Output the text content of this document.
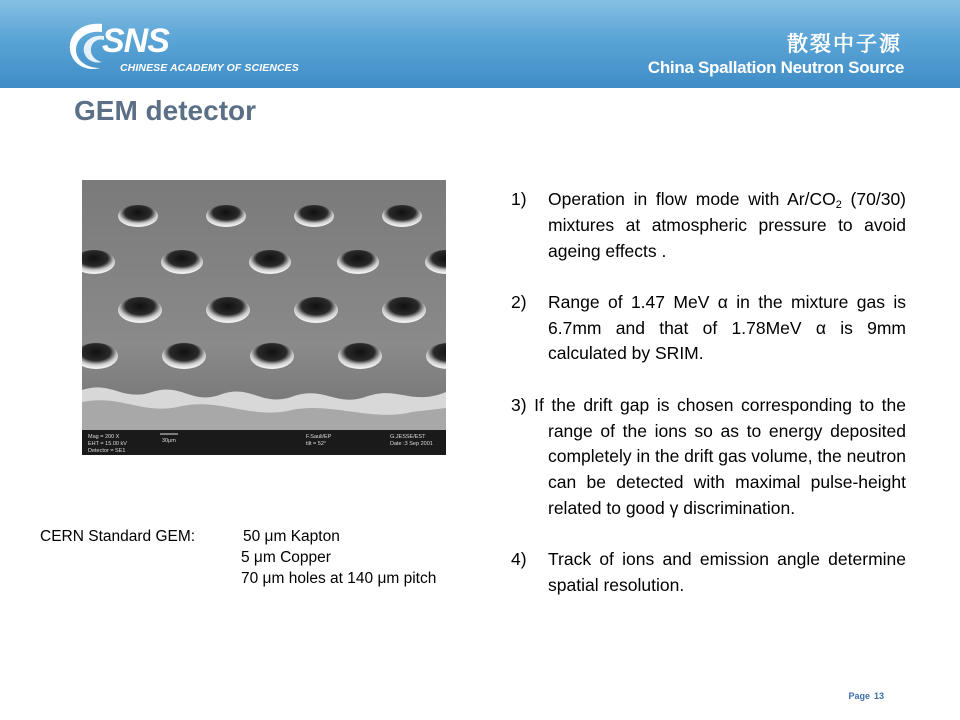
SNS
CHINESE ACADEMY OF SCIENCES
散裂中子源
China Spallation Neutron Source
GEM detector
Mag = 200 X
EHT = 15.00 kV
Detector = SE1
30μm
F.Sauli/EP
tilt = 52°
G.JESSE/EST
Date :3 Sep 2001
CERN Standard GEM:	50 μm Kapton
5 μm Copper
70 μm holes at 140 μm pitch
1)	Operation in flow mode with $Ar/CO_2$ (70/30) mixtures at atmospheric pressure to avoid ageing effects .
2)	Range of 1.47 MeV α in the mixture gas is 6.7mm and that of 1.78MeV α is 9mm calculated by SRIM.
3) If the drift gap is chosen corresponding to the range of the ions so as to energy deposited completely in the drift gas volume, the neutron can be detected with maximal pulse-height related to good γ discrimination.
4)	Track of ions and emission angle determine spatial resolution.
Page 13
